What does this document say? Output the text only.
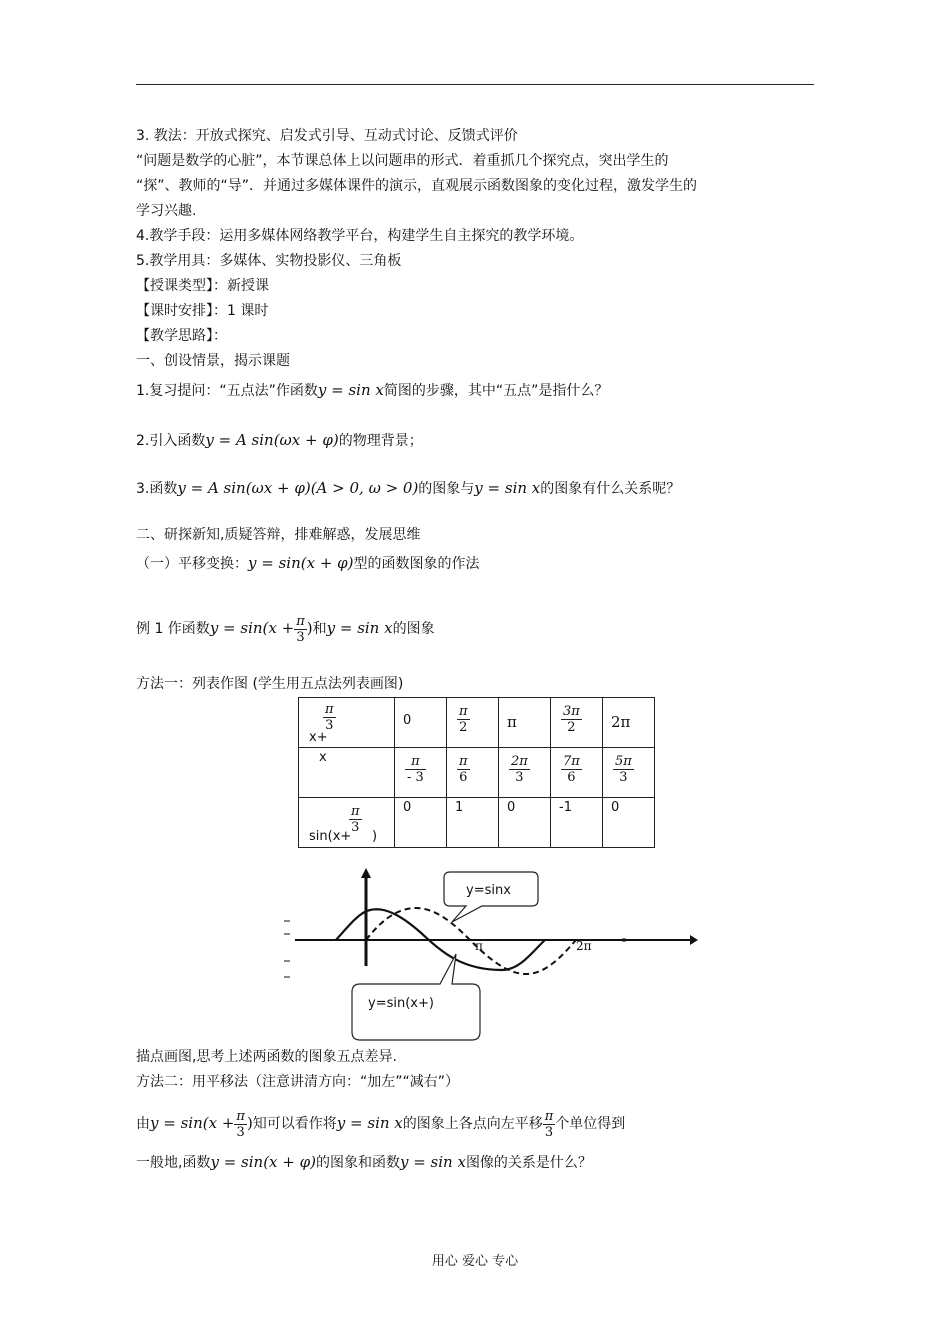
3. 教法：开放式探究、启发式引导、互动式讨论、反馈式评价
“问题是数学的心脏”，本节课总体上以问题串的形式．着重抓几个探究点，突出学生的
“探”、教师的“导”．并通过多媒体课件的演示，直观展示函数图象的变化过程，激发学生的
学习兴趣.
4.教学手段：运用多媒体网络教学平台，构建学生自主探究的教学环境。
5.教学用具：多媒体、实物投影仪、三角板
【授课类型】：新授课
【课时安排】：1 课时
【教学思路】：
一、创设情景，揭示课题
1.复习提问：“五点法”作函数y = sin x简图的步骤，其中“五点”是指什么？
2.引入函数y = A sin(ωx + φ)的物理背景；
3.函数y = A sin(ωx + φ)(A > 0, ω > 0)的图象与y = sin x的图象有什么关系呢？
二、研探新知,质疑答辩，排难解惑，发展思维
（一）平移变换：y = sin(x + φ)型的函数图象的作法
例 1 作函数$y = \sin(x + \frac{\pi}{3}$ )和y = sin x的图象
方法一：列表作图 (学生用五点法列表画图)
$\frac{\pi}{3}$
x+	0	$\frac{\pi}{2}$	π	$\frac{3\pi}{2}$	2π

x	$\frac{\pi}{- 3}$	$\frac{\pi}{6}$	$\frac{2\pi}{3}$	$\frac{7\pi}{6}$	$\frac{5\pi}{3}$

$\frac{\pi}{3}$
sin(x+ )	0	1	0	-1	0
π	2π
y=sinx
y=sin(x+)
描点画图,思考上述两函数的图象五点差异.
方法二：用平移法（注意讲清方向：“加左”“减右”）
由$y = \sin(x + \frac{\pi}{3}$ )知可以看作将y = sin x的图象上各点向左平移 $\frac{\pi}{3}$ 个单位得到
一般地,函数y = sin(x + φ)的图象和函数y = sin x图像的关系是什么？
用心 爱心 专心
